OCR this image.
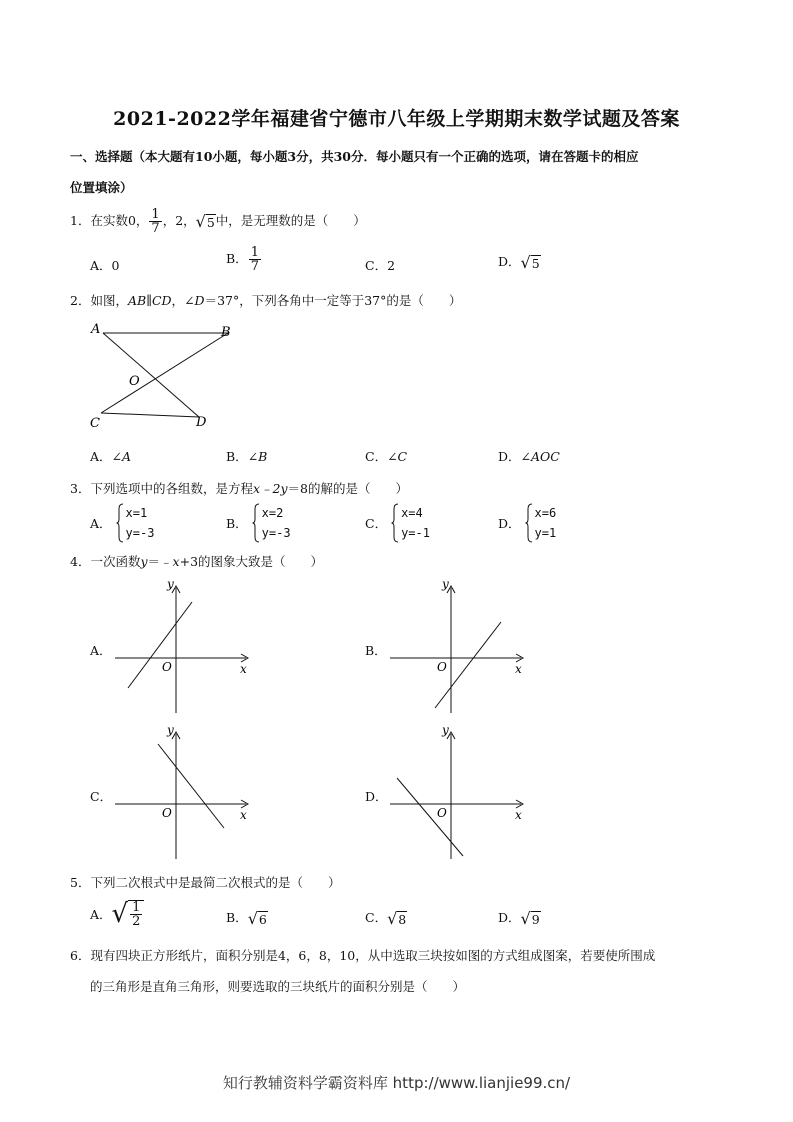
2021-2022学年福建省宁德市八年级上学期期末数学试题及答案
一、选择题（本大题有10小题，每小题3分，共30分．每小题只有一个正确的选项，请在答题卡的相应
位置填涂）
1．在实数0， $\frac{1}{7}$ ，2，√5中，是无理数的是（　　）
A．0	B． $\frac{1}{7}$	C．2	D．√5
2．如图，AB∥CD，∠D＝37°，下列各角中一定等于37°的是（　　）
A	B
O
C	D
A．∠A	B．∠B	C．∠C	D．∠AOC
3．下列选项中的各组数，是方程x﹣2y＝8的解的是（　　）
A．
x=1
y=-3
B．
x=2
y=-3
C．
x=4
y=-1
D．
x=6
y=1
4．一次函数y＝﹣x+3的图象大致是（　　）
A．
y
x
O
B．
y
x
O
C．
y
x
O
D．
y
x
O
5．下列二次根式中是最简二次根式的是（　　）
A．√ $\frac{1}{2}$	B．√6	C．√8	D．√9
6．现有四块正方形纸片，面积分别是4，6，8，10，从中选取三块按如图的方式组成图案，若要使所围成
的三角形是直角三角形，则要选取的三块纸片的面积分别是（　　）
知行教辅资料学霸资料库 http://www.lianjie99.cn/
